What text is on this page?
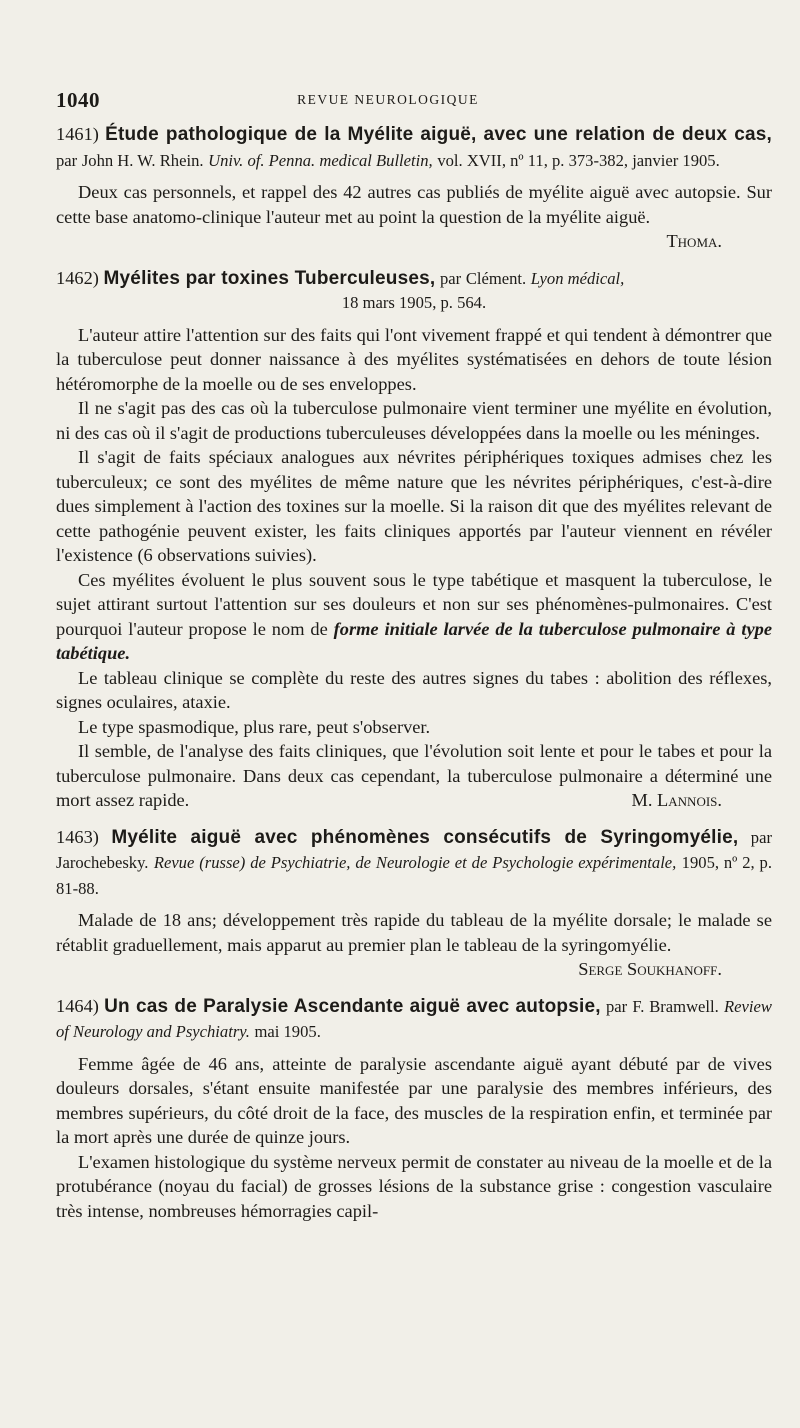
1040	REVUE NEUROLOGIQUE

1461) Étude pathologique de la Myélite aiguë, avec une relation de deux cas, par John H. W. Rhein. Univ. of. Penna. medical Bulletin, vol. XVII, nº 11, p. 373-382, janvier 1905.

Deux cas personnels, et rappel des 42 autres cas publiés de myélite aiguë avec autopsie. Sur cette base anatomo-clinique l'auteur met au point la question de la myélite aiguë.
Thoma.

1462) Myélites par toxines Tuberculeuses, par Clément. Lyon médical,
18 mars 1905, p. 564.

L'auteur attire l'attention sur des faits qui l'ont vivement frappé et qui tendent à démontrer que la tuberculose peut donner naissance à des myélites systématisées en dehors de toute lésion hétéromorphe de la moelle ou de ses enveloppes.

Il ne s'agit pas des cas où la tuberculose pulmonaire vient terminer une myélite en évolution, ni des cas où il s'agit de productions tuberculeuses développées dans la moelle ou les méninges.

Il s'agit de faits spéciaux analogues aux névrites périphériques toxiques admises chez les tuberculeux; ce sont des myélites de même nature que les névrites périphériques, c'est-à-dire dues simplement à l'action des toxines sur la moelle. Si la raison dit que des myélites relevant de cette pathogénie peuvent exister, les faits cliniques apportés par l'auteur viennent en révéler l'existence (6 observations suivies).

Ces myélites évoluent le plus souvent sous le type tabétique et masquent la tuberculose, le sujet attirant surtout l'attention sur ses douleurs et non sur ses phénomènes-pulmonaires. C'est pourquoi l'auteur propose le nom de forme initiale larvée de la tuberculose pulmonaire à type tabétique.

Le tableau clinique se complète du reste des autres signes du tabes : abolition des réflexes, signes oculaires, ataxie.

Le type spasmodique, plus rare, peut s'observer.

Il semble, de l'analyse des faits cliniques, que l'évolution soit lente et pour le tabes et pour la tuberculose pulmonaire. Dans deux cas cependant, la tuberculose pulmonaire a déterminé une mort assez rapide.	M. Lannois.

1463) Myélite aiguë avec phénomènes consécutifs de Syringomyélie, par Jarochebesky. Revue (russe) de Psychiatrie, de Neurologie et de Psychologie expérimentale, 1905, nº 2, p. 81-88.

Malade de 18 ans; développement très rapide du tableau de la myélite dorsale; le malade se rétablit graduellement, mais apparut au premier plan le tableau de la syringomyélie.
Serge Soukhanoff.

1464) Un cas de Paralysie Ascendante aiguë avec autopsie, par F. Bramwell. Review of Neurology and Psychiatry. mai 1905.

Femme âgée de 46 ans, atteinte de paralysie ascendante aiguë ayant débuté par de vives douleurs dorsales, s'étant ensuite manifestée par une paralysie des membres inférieurs, des membres supérieurs, du côté droit de la face, des muscles de la respiration enfin, et terminée par la mort après une durée de quinze jours.

L'examen histologique du système nerveux permit de constater au niveau de la moelle et de la protubérance (noyau du facial) de grosses lésions de la substance grise : congestion vasculaire très intense, nombreuses hémorragies capil-
